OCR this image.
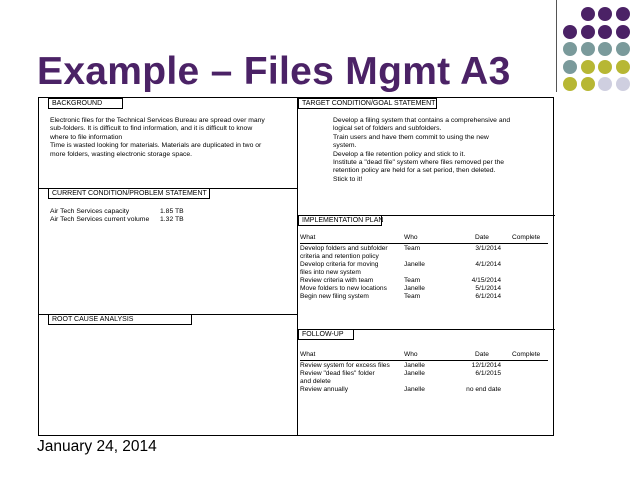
Example – Files Mgmt A3
BACKGROUND

Electronic files for the Technical Services Bureau are spread over many sub-folders. It is difficult to find information, and it is difficult to know where to file information

Time is wasted looking for materials. Materials are duplicated in two or more folders, wasting electronic storage space.

CURRENT CONDITION/PROBLEM STATEMENT
Air Tech Services capacity	1.85 TB
Air Tech Services current volume 1.32 TB
ROOT CAUSE ANALYSIS
TARGET CONDITION/GOAL STATEMENT
Develop a filing system that contains a comprehensive and
logical set of folders and subfolders.
Train users and have them commit to using the new
system.
Develop a file retention policy and stick to it.
Institute a "dead file" system where files removed per the
retention policy are held for a set period, then deleted.
Stick to it!
IMPLEMENTATION PLAN
What	Who	Date	Complete
Develop folders and subfolder Team	3/1/2014
criteria and retention policy
Develop criteria for moving	Janelle	4/1/2014
files into new system
Review criteria with team	Team	4/15/2014
Move folders to new locations	Janelle	5/1/2014
Begin new filing system	Team	6/1/2014
FOLLOW-UP
What	Who	Date	Complete
Review system for excess files Janelle	12/1/2014
Review "dead files" folder	Janelle	6/1/2015
and delete
Review annually	Janelle	no end date
January 24, 2014
